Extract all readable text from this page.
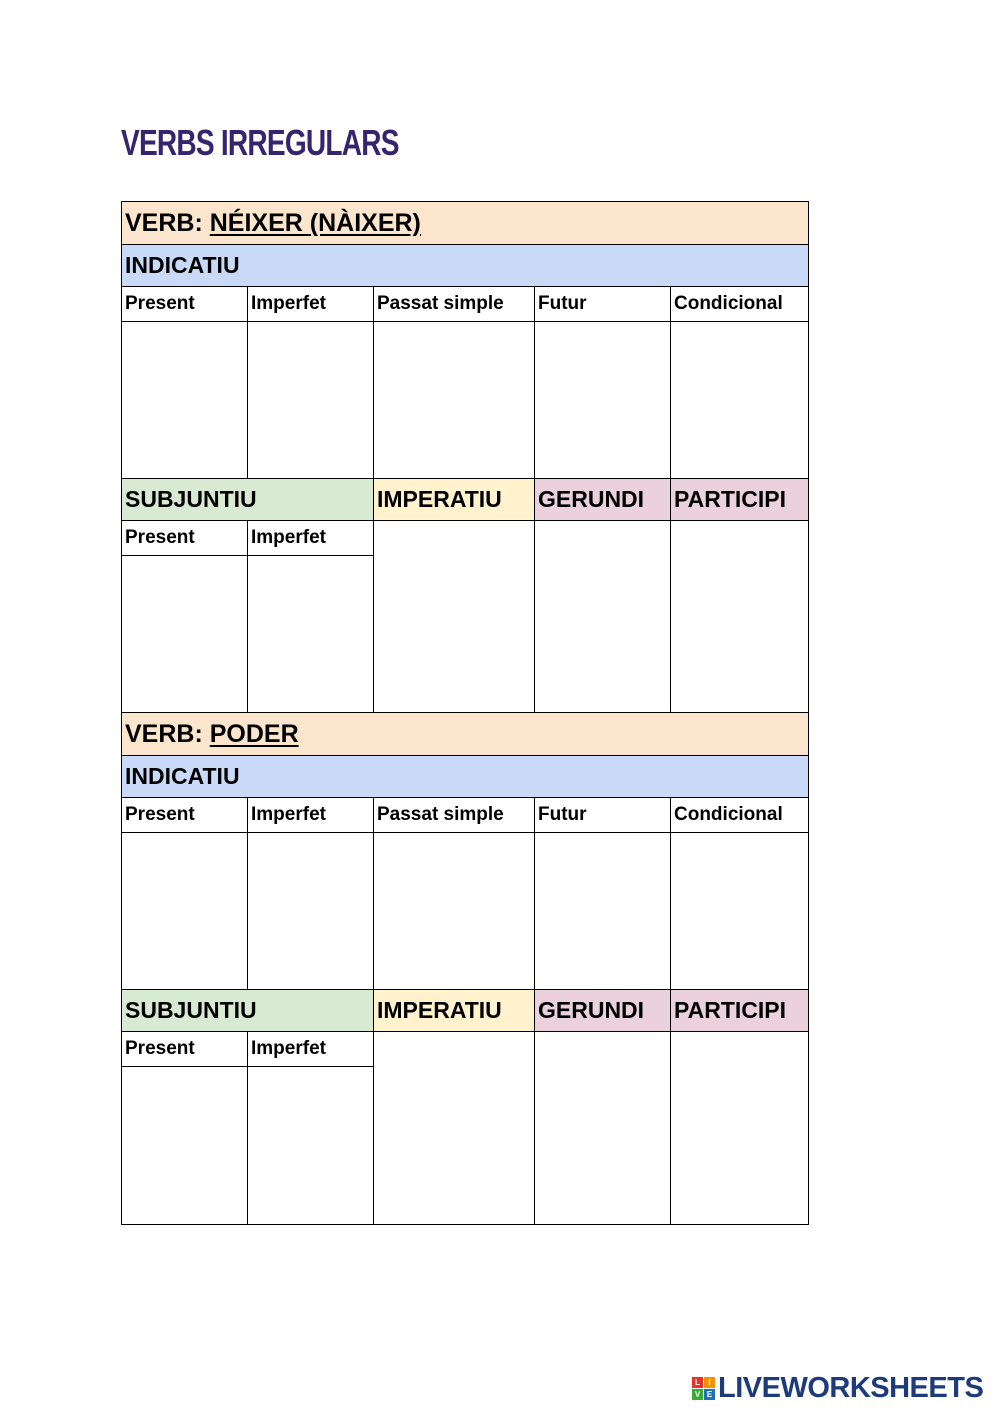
VERBS IRREGULARS
VERB: NÉIXER (NÀIXER)				
INDICATIU				
Present	Imperfet	Passat simple	Futur	Condicional

SUBJUNTIU		IMPERATIU	GERUNDI	PARTICIPI
Present	Imperfet			

VERB: PODER				
INDICATIU				
Present	Imperfet	Passat simple	Futur	Condicional

SUBJUNTIU		IMPERATIU	GERUNDI	PARTICIPI
Present	Imperfet			

L	I
V E LIVEWORKSHEETS
